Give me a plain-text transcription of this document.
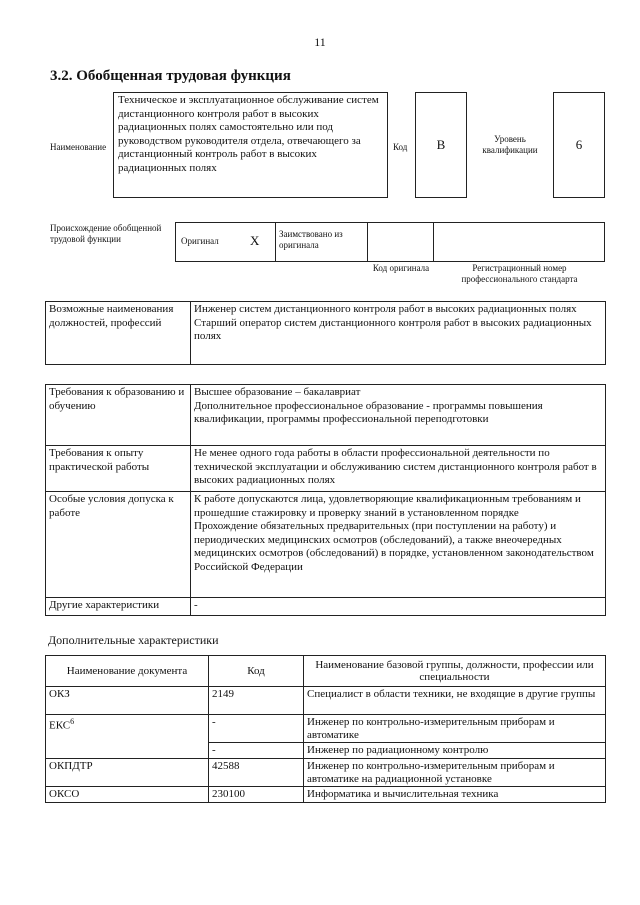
11
3.2. Обобщенная трудовая функция
Наименование
Техническое и эксплуатационное обслуживание систем дистанционного контроля работ в высоких радиационных полях самостоятельно или под руководством руководителя отдела, отвечающего за дистанционный контроль работ в высоких радиационных полях
Код B	Уровень квалификации	6
Происхождение обобщенной трудовой функции	Оригинал X Заимствовано из оригинала
Код оригинала	Регистрационный номер профессионального стандарта
Возможные наименования должностей, профессий	Инженер систем дистанционного контроля работ в высоких радиационных полях
Старший оператор систем дистанционного контроля работ в высоких радиационных полях
Требования к образованию и обучению	Высшее образование – бакалавриат
Дополнительное профессиональное образование - программы повышения квалификации, программы профессиональной переподготовки
Требования к опыту практической работы	Не менее одного года работы в области профессиональной деятельности по технической эксплуатации и обслуживанию систем дистанционного контроля работ в высоких радиационных полях
Особые условия допуска к работе	К работе допускаются лица, удовлетворяющие квалификационным требованиям и прошедшие стажировку и проверку знаний в установленном порядке
Прохождение обязательных предварительных (при поступлении на работу) и периодических медицинских осмотров (обследований), а также внеочередных медицинских осмотров (обследований) в порядке, установленном законодательством Российской Федерации
Другие характеристики	-
Дополнительные характеристики
Наименование документа	Код	Наименование базовой группы, должности, профессии или специальности
ОКЗ	2149	Специалист в области техники, не входящие в другие группы
ЕКС$^6$	-	Инженер по контрольно-измерительным приборам и автоматике
	-	Инженер по радиационному контролю
ОКПДТР	42588	Инженер по контрольно-измерительным приборам и автоматике на радиационной установке
ОКСО	230100	Информатика и вычислительная техника
